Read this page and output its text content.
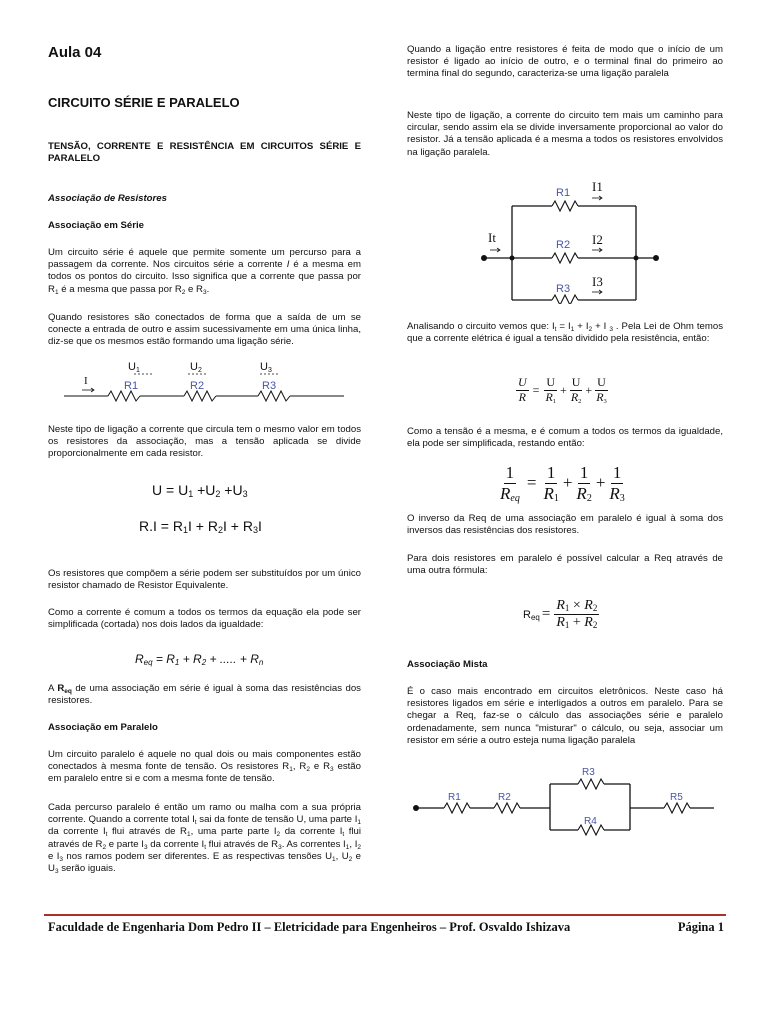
Aula 04
CIRCUITO SÉRIE E PARALELO
TENSÃO, CORRENTE E RESISTÊNCIA EM CIRCUITOS SÉRIE E PARALELO
Associação de Resistores
Associação em Série

Um circuito série é aquele que permite somente um percurso para a passagem da corrente. Nos circuitos série a corrente I é a mesma em todos os pontos do circuito. Isso significa que a corrente que passa por $R_1$ é a mesma que passa por $R_2$ e $R_3$.

Quando resistores são conectados de forma que a saída de um se conecte a entrada de outro e assim sucessivamente em uma única linha, diz-se que os mesmos estão formando uma ligação série.

I
U1	U2	U3
R1	R2	R3

Neste tipo de ligação a corrente que circula tem o mesmo valor em todos os resistores da associação, mas a tensão aplicada se divide proporcionalmente em cada resistor.

$U = U_1 +U_2 +U_3$
$R.I = R_1I + R_2I + R_3I$

Os resistores que compõem a série podem ser substituídos por um único resistor chamado de Resistor Equivalente.

Como a corrente é comum a todos os termos da equação ela pode ser simplificada (cortada) nos dois lados da igualdade:

$R_{eq} = R_1 + R_2$ + ..... + $R_n$

A $R_{eq}$ de uma associação em série é igual à soma das resistências dos resistores.

Associação em Paralelo

Um circuito paralelo é aquele no qual dois ou mais componentes estão conectados à mesma fonte de tensão. Os resistores $R_1$, $R_2$ e $R_3$ estão em paralelo entre si e com a mesma fonte de tensão.

Cada percurso paralelo é então um ramo ou malha com a sua própria corrente. Quando a corrente total $I_t$ sai da fonte de tensão U, uma parte $I_1$ da corrente $I_t$ flui através de $R_1$, uma parte parte $I_2$ da corrente $I_t$ flui através de $R_2$ e parte $I_3$ da corrente $I_t$ flui através de $R_3$. As correntes $I_1$, $I_2$ e $I_3$ nos ramos podem ser diferentes. E as respectivas tensões $U_1$, $U_2$ e $U_3$ serão iguais.

Quando a ligação entre resistores é feita de modo que o início de um resistor é ligado ao início de outro, e o terminal final do primeiro ao termina final do segundo, caracteriza-se uma ligação paralela

Neste tipo de ligação, a corrente do circuito tem mais um caminho para circular, sendo assim ela se divide inversamente proporcional ao valor do resistor. Já a tensão aplicada é a mesma a todos os resistores envolvidos na ligação paralela.

It
I1
I2
I3
R1
R2
R3

Analisando o circuito vemos que: $I_t = I_1 + I_2 + I$ $_3$ . Pela Lei de Ohm temos que a corrente elétrica é igual a tensão dividido pela resistência, então:

$\frac{U}{R} = \frac{U}{R_1} + \frac{U}{R_2} + \frac{U}{R_3}$

Como a tensão é a mesma, e é comum a todos os termos da igualdade, ela pode ser simplificada, restando então:

1
$R_{eq}$
= $\frac{1}{R_1} + \frac{1}{R_2} + \frac{1}{R_3}$

O inverso da Req de uma associação em paralelo é igual à soma dos inversos das resistências dos resistores.

Para dois resistores em paralelo é possível calcular a Req através de uma outra fórmula:

$R_{eq} = \frac{R_1 \times R_2}{R_1 + R_2}$
Associação Mista

É o caso mais encontrado em circuitos eletrônicos. Neste caso há resistores ligados em série e interligados a outros em paralelo. Para se chegar a Req, faz-se o cálculo das associações série e paralelo ordenadamente, sem nunca "misturar" o cálculo, ou seja, associar um resistor em série a outro esteja numa ligação paralela

R1	R2
R3
R4
R5
Faculdade de Engenharia Dom Pedro II – Eletricidade para Engenheiros – Prof. Osvaldo Ishizava	Página 1
